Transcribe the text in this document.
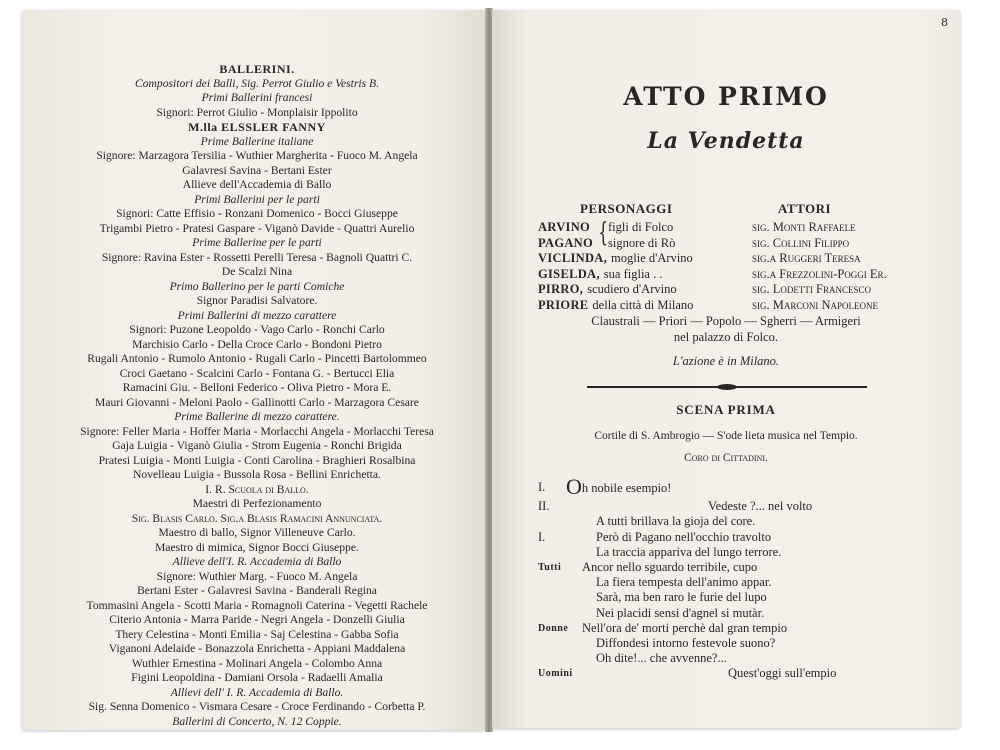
BALLERINI.
Compositori dei Balli, Sig. Perrot Giulio e Vestris B.
Primi Ballerini francesi
Signori: Perrot Giulio - Monplaisir Ippolito
M.lla ELSSLER FANNY
Prime Ballerine italiane
Signore: Marzagora Tersilia - Wuthier Margherita - Fuoco M. Angela
Galavresi Savina - Bertani Ester
Allieve dell'Accademia di Ballo
Primi Ballerini per le parti
Signori: Catte Effisio - Ronzani Domenico - Bocci Giuseppe
Trigambi Pietro - Pratesi Gaspare - Viganò Davide - Quattri Aurelio
Prime Ballerine per le parti
Signore: Ravina Ester - Rossetti Perelli Teresa - Bagnoli Quattri C.
De Scalzi Nina
Primo Ballerino per le parti Comiche
Signor Paradisi Salvatore.
Primi Ballerini di mezzo carattere
Signori: Puzone Leopoldo - Vago Carlo - Ronchi Carlo
Marchisio Carlo - Della Croce Carlo - Bondoni Pietro
Rugali Antonio - Rumolo Antonio - Rugali Carlo - Pincetti Bartolommeo
Croci Gaetano - Scalcini Carlo - Fontana G. - Bertucci Elia
Ramacini Giu. - Belloni Federico - Oliva Pietro - Mora E.
Mauri Giovanni - Meloni Paolo - Gallinotti Carlo - Marzagora Cesare
Prime Ballerine di mezzo carattere.
Signore: Feller Maria - Hoffer Maria - Morlacchi Angela - Morlacchi Teresa
Gaja Luigia - Viganò Giulia - Strom Eugenia - Ronchi Brigida
Pratesi Luigia - Monti Luigia - Conti Carolina - Braghieri Rosalbina
Novelleau Luigia - Bussola Rosa - Bellini Enrichetta.
I. R. Scuola di Ballo.
Maestri di Perfezionamento
Sig. Blasis Carlo. Sig.a Blasis Ramacini Annunciata.
Maestro di ballo, Signor Villeneuve Carlo.
Maestro di mimica, Signor Bocci Giuseppe.
Allieve dell'I. R. Accademia di Ballo
Signore: Wuthier Marg. - Fuoco M. Angela
Bertani Ester - Galavresi Savina - Banderali Regina
Tommasini Angela - Scotti Maria - Romagnoli Caterina - Vegetti Rachele
Citerio Antonia - Marra Paride - Negri Angela - Donzelli Giulia
Thery Celestina - Monti Emilia - Saj Celestina - Gabba Sofia
Viganoni Adelaide - Bonazzola Enrichetta - Appiani Maddalena
Wuthier Ernestina - Molinari Angela - Colombo Anna
Figini Leopoldina - Damiani Orsola - Radaelli Amalia
Allievi dell' I. R. Accademia di Ballo.
Sig. Senna Domenico - Vismara Cesare - Croce Ferdinando - Corbetta P.
Ballerini di Concerto, N. 12 Coppie.
8
ATTO PRIMO
La Vendetta
PERSONAGGI	ATTORI
ARVINO figli di Folco	sig. Monti Raffaele
PAGANO signore di Rò	sig. Collini Filippo
VICLINDA, moglie d'Arvino	sig.a Ruggeri Teresa
GISELDA, sua figlia . .	sig.a Frezzolini-Poggi Er.
PIRRO, scudiero d'Arvino	sig. Lodetti Francesco
PRIORE della città di Milano	sig. Marconi Napoleone
{
Claustrali — Priori — Popolo — Sgherri — Armigeri
nel palazzo di Folco.
L'azione è in Milano.
SCENA PRIMA
Cortile di S. Ambrogio — S'ode lieta musica nel Tempio.
Coro di Cittadini.
I. Oh nobile esempio!
II.	Vedeste ?... nel volto
A tutti brillava la gioja del core.
I.	Però di Pagano nell'occhio travolto
La traccia appariva del lungo terrore.
Tutti Ancor nello sguardo terribile, cupo
La fiera tempesta dell'animo appar.
Sarà, ma ben raro le furie del lupo
Nei placidi sensi d'agnel si mutàr.
Donne Nell'ora de' morti perchè dal gran tempio
Diffondesi intorno festevole suono?
Oh dite!... che avvenne?...
Uomini	Quest'oggi sull'empio
